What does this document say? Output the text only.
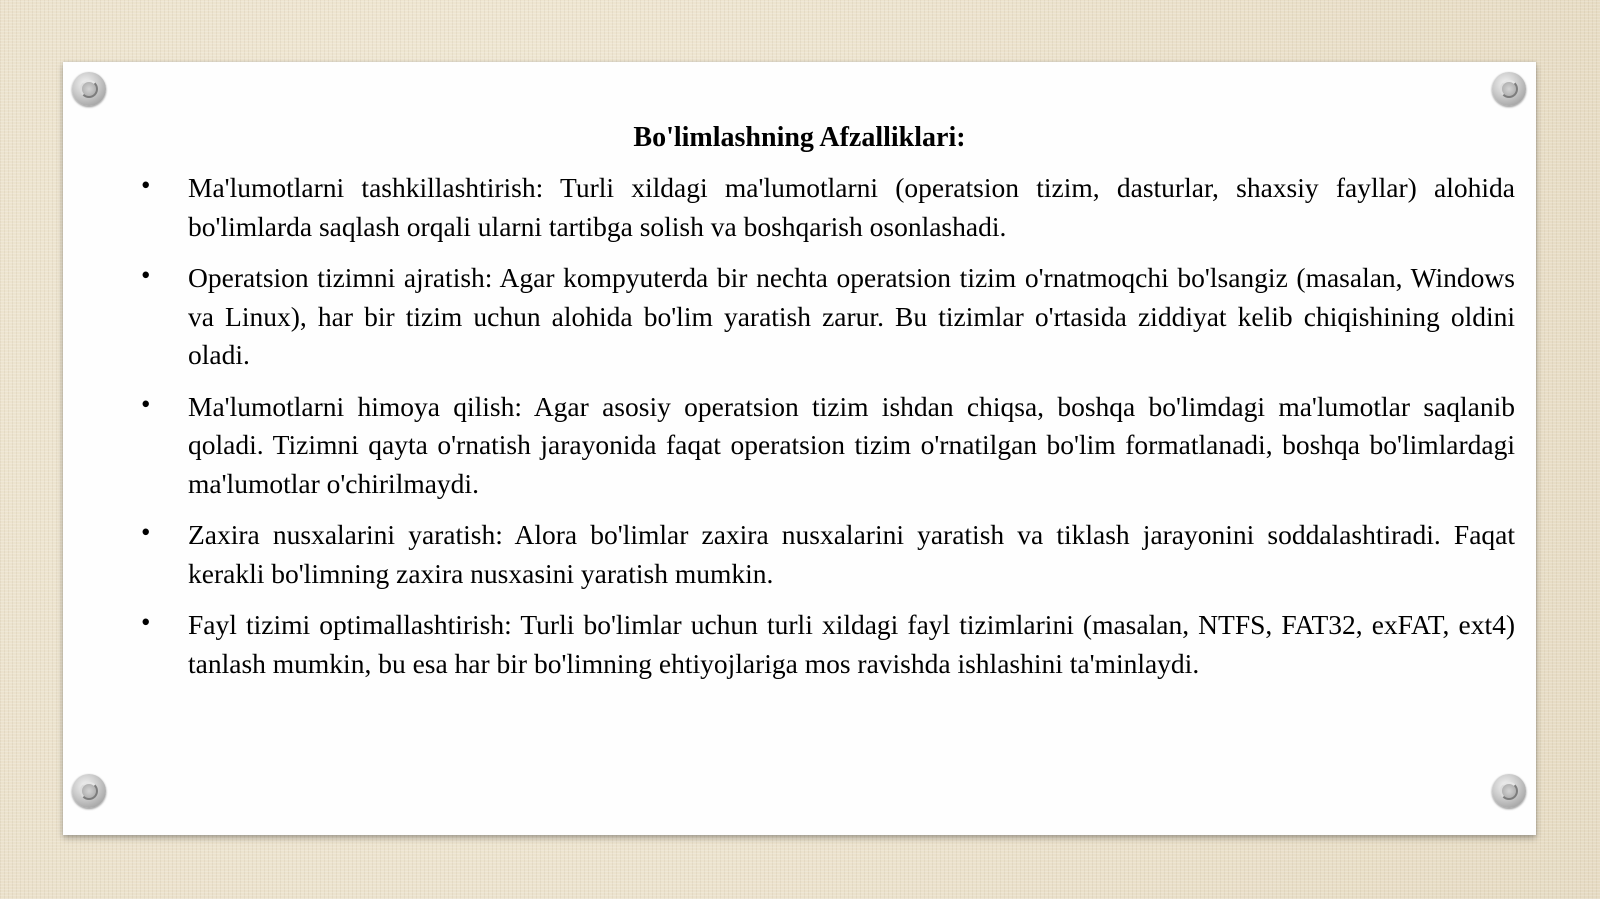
Bo'limlashning Afzalliklari:
• Ma'lumotlarni tashkillashtirish: Turli xildagi ma'lumotlarni (operatsion tizim, dasturlar, shaxsiy fayllar) alohida bo'limlarda saqlash orqali ularni tartibga solish va boshqarish osonlashadi.
• Operatsion tizimni ajratish: Agar kompyuterda bir nechta operatsion tizim o'rnatmoqchi bo'lsangiz (masalan, Windows va Linux), har bir tizim uchun alohida bo'lim yaratish zarur. Bu tizimlar o'rtasida ziddiyat kelib chiqishining oldini oladi.
• Ma'lumotlarni himoya qilish: Agar asosiy operatsion tizim ishdan chiqsa, boshqa bo'limdagi ma'lumotlar saqlanib qoladi. Tizimni qayta o'rnatish jarayonida faqat operatsion tizim o'rnatilgan bo'lim formatlanadi, boshqa bo'limlardagi ma'lumotlar o'chirilmaydi.
• Zaxira nusxalarini yaratish: Alora bo'limlar zaxira nusxalarini yaratish va tiklash jarayonini soddalashtiradi. Faqat kerakli bo'limning zaxira nusxasini yaratish mumkin.
• Fayl tizimi optimallashtirish: Turli bo'limlar uchun turli xildagi fayl tizimlarini (masalan, NTFS, FAT32, exFAT, ext4) tanlash mumkin, bu esa har bir bo'limning ehtiyojlariga mos ravishda ishlashini ta'minlaydi.
